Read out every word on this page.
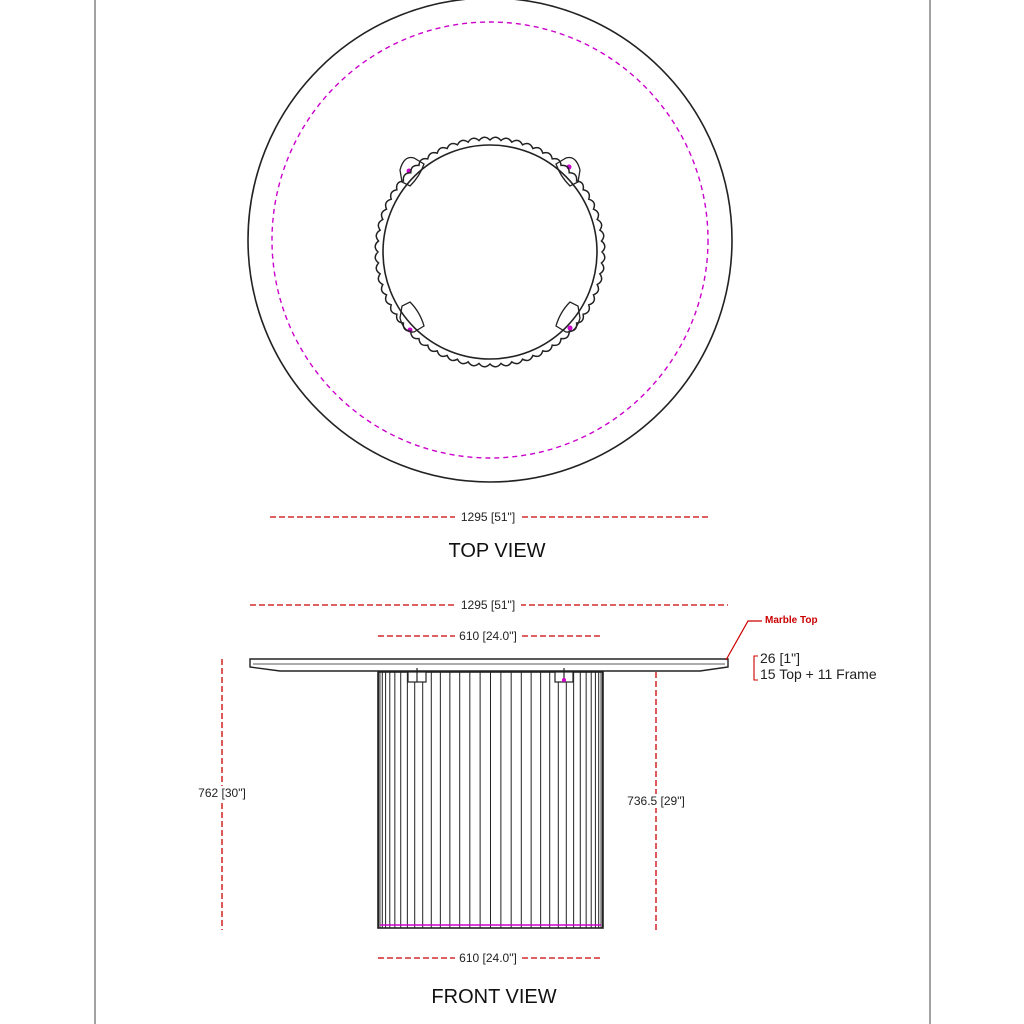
1295 [51"]
TOP VIEW
1295 [51"]
610 [24.0"]
762 [30"]
736.5 [29"]
610 [24.0"]
Marble Top
26 [1"]
15 Top + 11 Frame
FRONT VIEW
